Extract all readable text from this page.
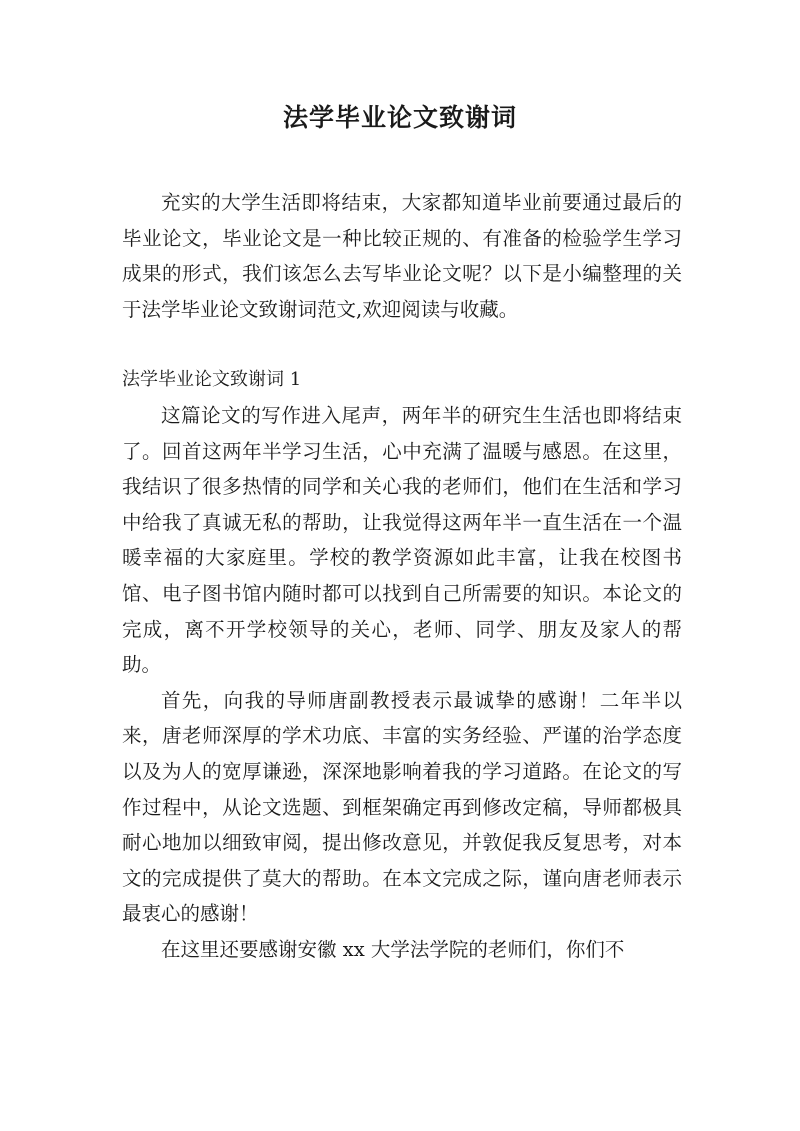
法学毕业论文致谢词

充实的大学生活即将结束，大家都知道毕业前要通过最后的毕业论文，毕业论文是一种比较正规的、有准备的检验学生学习成果的形式，我们该怎么去写毕业论文呢？以下是小编整理的关于法学毕业论文致谢词范文,欢迎阅读与收藏。

法学毕业论文致谢词 1

这篇论文的写作进入尾声，两年半的研究生生活也即将结束了。回首这两年半学习生活，心中充满了温暖与感恩。在这里，我结识了很多热情的同学和关心我的老师们，他们在生活和学习中给我了真诚无私的帮助，让我觉得这两年半一直生活在一个温暖幸福的大家庭里。学校的教学资源如此丰富，让我在校图书馆、电子图书馆内随时都可以找到自己所需要的知识。本论文的完成，离不开学校领导的关心，老师、同学、朋友及家人的帮助。

首先，向我的导师唐副教授表示最诚挚的感谢！二年半以来，唐老师深厚的学术功底、丰富的实务经验、严谨的治学态度以及为人的宽厚谦逊，深深地影响着我的学习道路。在论文的写作过程中，从论文选题、到框架确定再到修改定稿，导师都极具耐心地加以细致审阅，提出修改意见，并敦促我反复思考，对本文的完成提供了莫大的帮助。在本文完成之际，谨向唐老师表示最衷心的感谢！

在这里还要感谢安徽 xx 大学法学院的老师们，你们不
